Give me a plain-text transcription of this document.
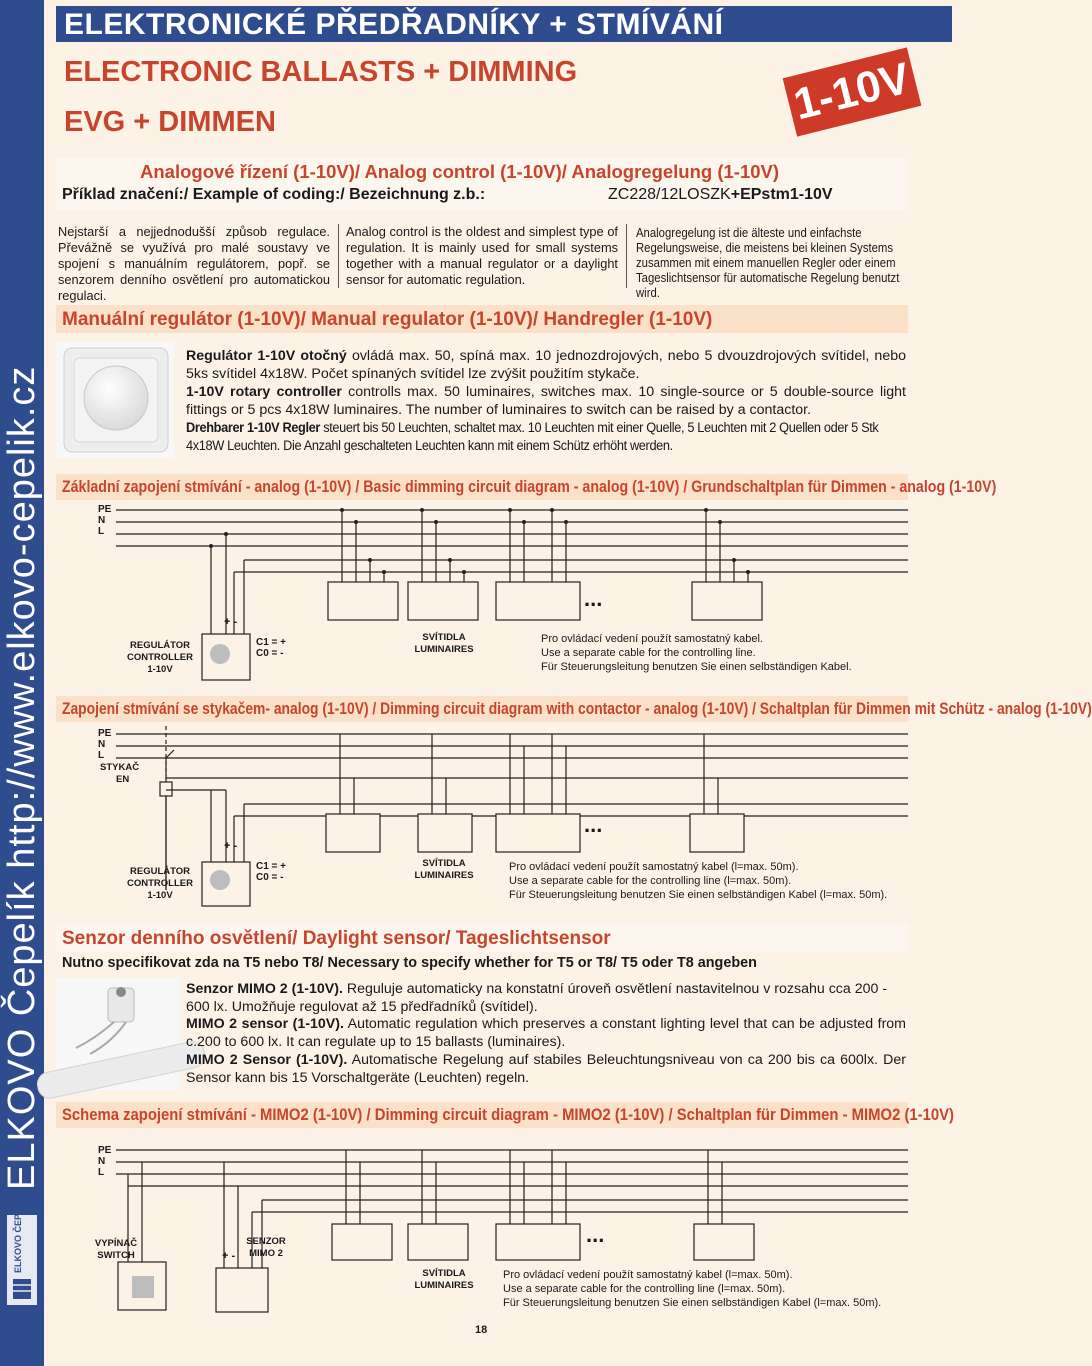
ELKOVO Čepelík http://www.elkovo-cepelik.cz
ELKOVO ČEPELÍK
ELEKTRONICKÉ PŘEDŘADNÍKY + STMÍVÁNÍ
ELECTRONIC BALLASTS + DIMMING
EVG + DIMMEN	1-10V
Analogové řízení (1-10V)/ Analog control (1-10V)/ Analogregelung (1-10V)
Příklad značení:/ Example of coding:/ Bezeichnung z.b.:	ZC228/12LOSZK+EPstm1-10V
Nejstarší a nejjednodušší způsob regulace. Převážně se využívá pro malé soustavy ve spojení s manuálním regulátorem, popř. se senzorem denního osvětlení pro automatickou regulaci.
Analog control is the oldest and simplest type of regulation. It is mainly used for small systems together with a manual regulator or a daylight sensor for automatic regulation.
Analogregelung ist die älteste und einfachste Regelungsweise, die meistens bei kleinen Systems zusammen mit einem manuellen Regler oder einem Tageslichtsensor für automatische Regelung benutzt wird.
Manuální regulátor (1-10V)/ Manual regulator (1-10V)/ Handregler (1-10V)
Regulátor 1-10V otočný ovládá max. 50, spíná max. 10 jednozdrojových, nebo 5 dvouzdrojových svítidel, nebo 5ks svítidel 4x18W. Počet spínaných svítidel lze zvýšit použitím stykače.
1-10V rotary controller controlls max. 50 luminaires, switches max. 10 single-source or 5 double-source light fittings or 5 pcs 4x18W luminaires. The number of luminaires to switch can be raised by a contactor.
Drehbarer 1-10V Regler steuert bis 50 Leuchten, schaltet max. 10 Leuchten mit einer Quelle, 5 Leuchten mit 2 Quellen oder 5 Stk 4x18W Leuchten. Die Anzahl geschalteten Leuchten kann mit einem Schütz erhöht werden.
Základní zapojení stmívání - analog (1-10V) / Basic dimming circuit diagram - analog (1-10V) / Grundschaltplan für Dimmen - analog (1-10V)
PE
N
L
REGULÁTOR
CONTROLLER
1-10V
+ -
C1 = +
C0 = -
SVÍTIDLA
LUMINAIRES
...
Pro ovládací vedení použít samostatný kabel.
Use a separate cable for the controlling line.
Für Steuerungsleitung benutzen Sie einen selbständigen Kabel.
Zapojení stmívání se stykačem- analog (1-10V) / Dimming circuit diagram with contactor - analog (1-10V) / Schaltplan für Dimmen mit Schütz - analog (1-10V)
PE
N
L
STYKAČ
EN
REGULÁTOR
CONTROLLER
1-10V
+ -
C1 = +
C0 = -
SVÍTIDLA
LUMINAIRES
...
Pro ovládací vedení použít samostatný kabel (l=max. 50m).
Use a separate cable for the controlling line (l=max. 50m).
Für Steuerungsleitung benutzen Sie einen selbständigen Kabel (l=max. 50m).
Senzor denního osvětlení/ Daylight sensor/ Tageslichtsensor
Nutno specifikovat zda na T5 nebo T8/ Necessary to specify whether for T5 or T8/ T5 oder T8 angeben
Senzor MIMO 2 (1-10V). Reguluje automaticky na konstatní úroveň osvětlení nastavitelnou v rozsahu cca 200 - 600 lx. Umožňuje regulovat až 15 předřadníků (svítidel).
MIMO 2 sensor (1-10V). Automatic regulation which preserves a constant lighting level that can be adjusted from c.200 to 600 lx. It can regulate up to 15 ballasts (luminaires).
MIMO 2 Sensor (1-10V). Automatische Regelung auf stabiles Beleuchtungsniveau von ca 200 bis ca 600lx. Der Sensor kann bis 15 Vorschaltgeräte (Leuchten) regeln.
Schema zapojení stmívání - MIMO2 (1-10V) / Dimming circuit diagram - MIMO2 (1-10V) / Schaltplan für Dimmen - MIMO2 (1-10V)
PE
N
L
VYPÍNAČ
SWITCH
SENZOR
MIMO 2
+ -
SVÍTIDLA
LUMINAIRES
...
Pro ovládací vedení použít samostatný kabel (l=max. 50m).
Use a separate cable for the controlling line (l=max. 50m).
Für Steuerungsleitung benutzen Sie einen selbständigen Kabel (l=max. 50m).
18
